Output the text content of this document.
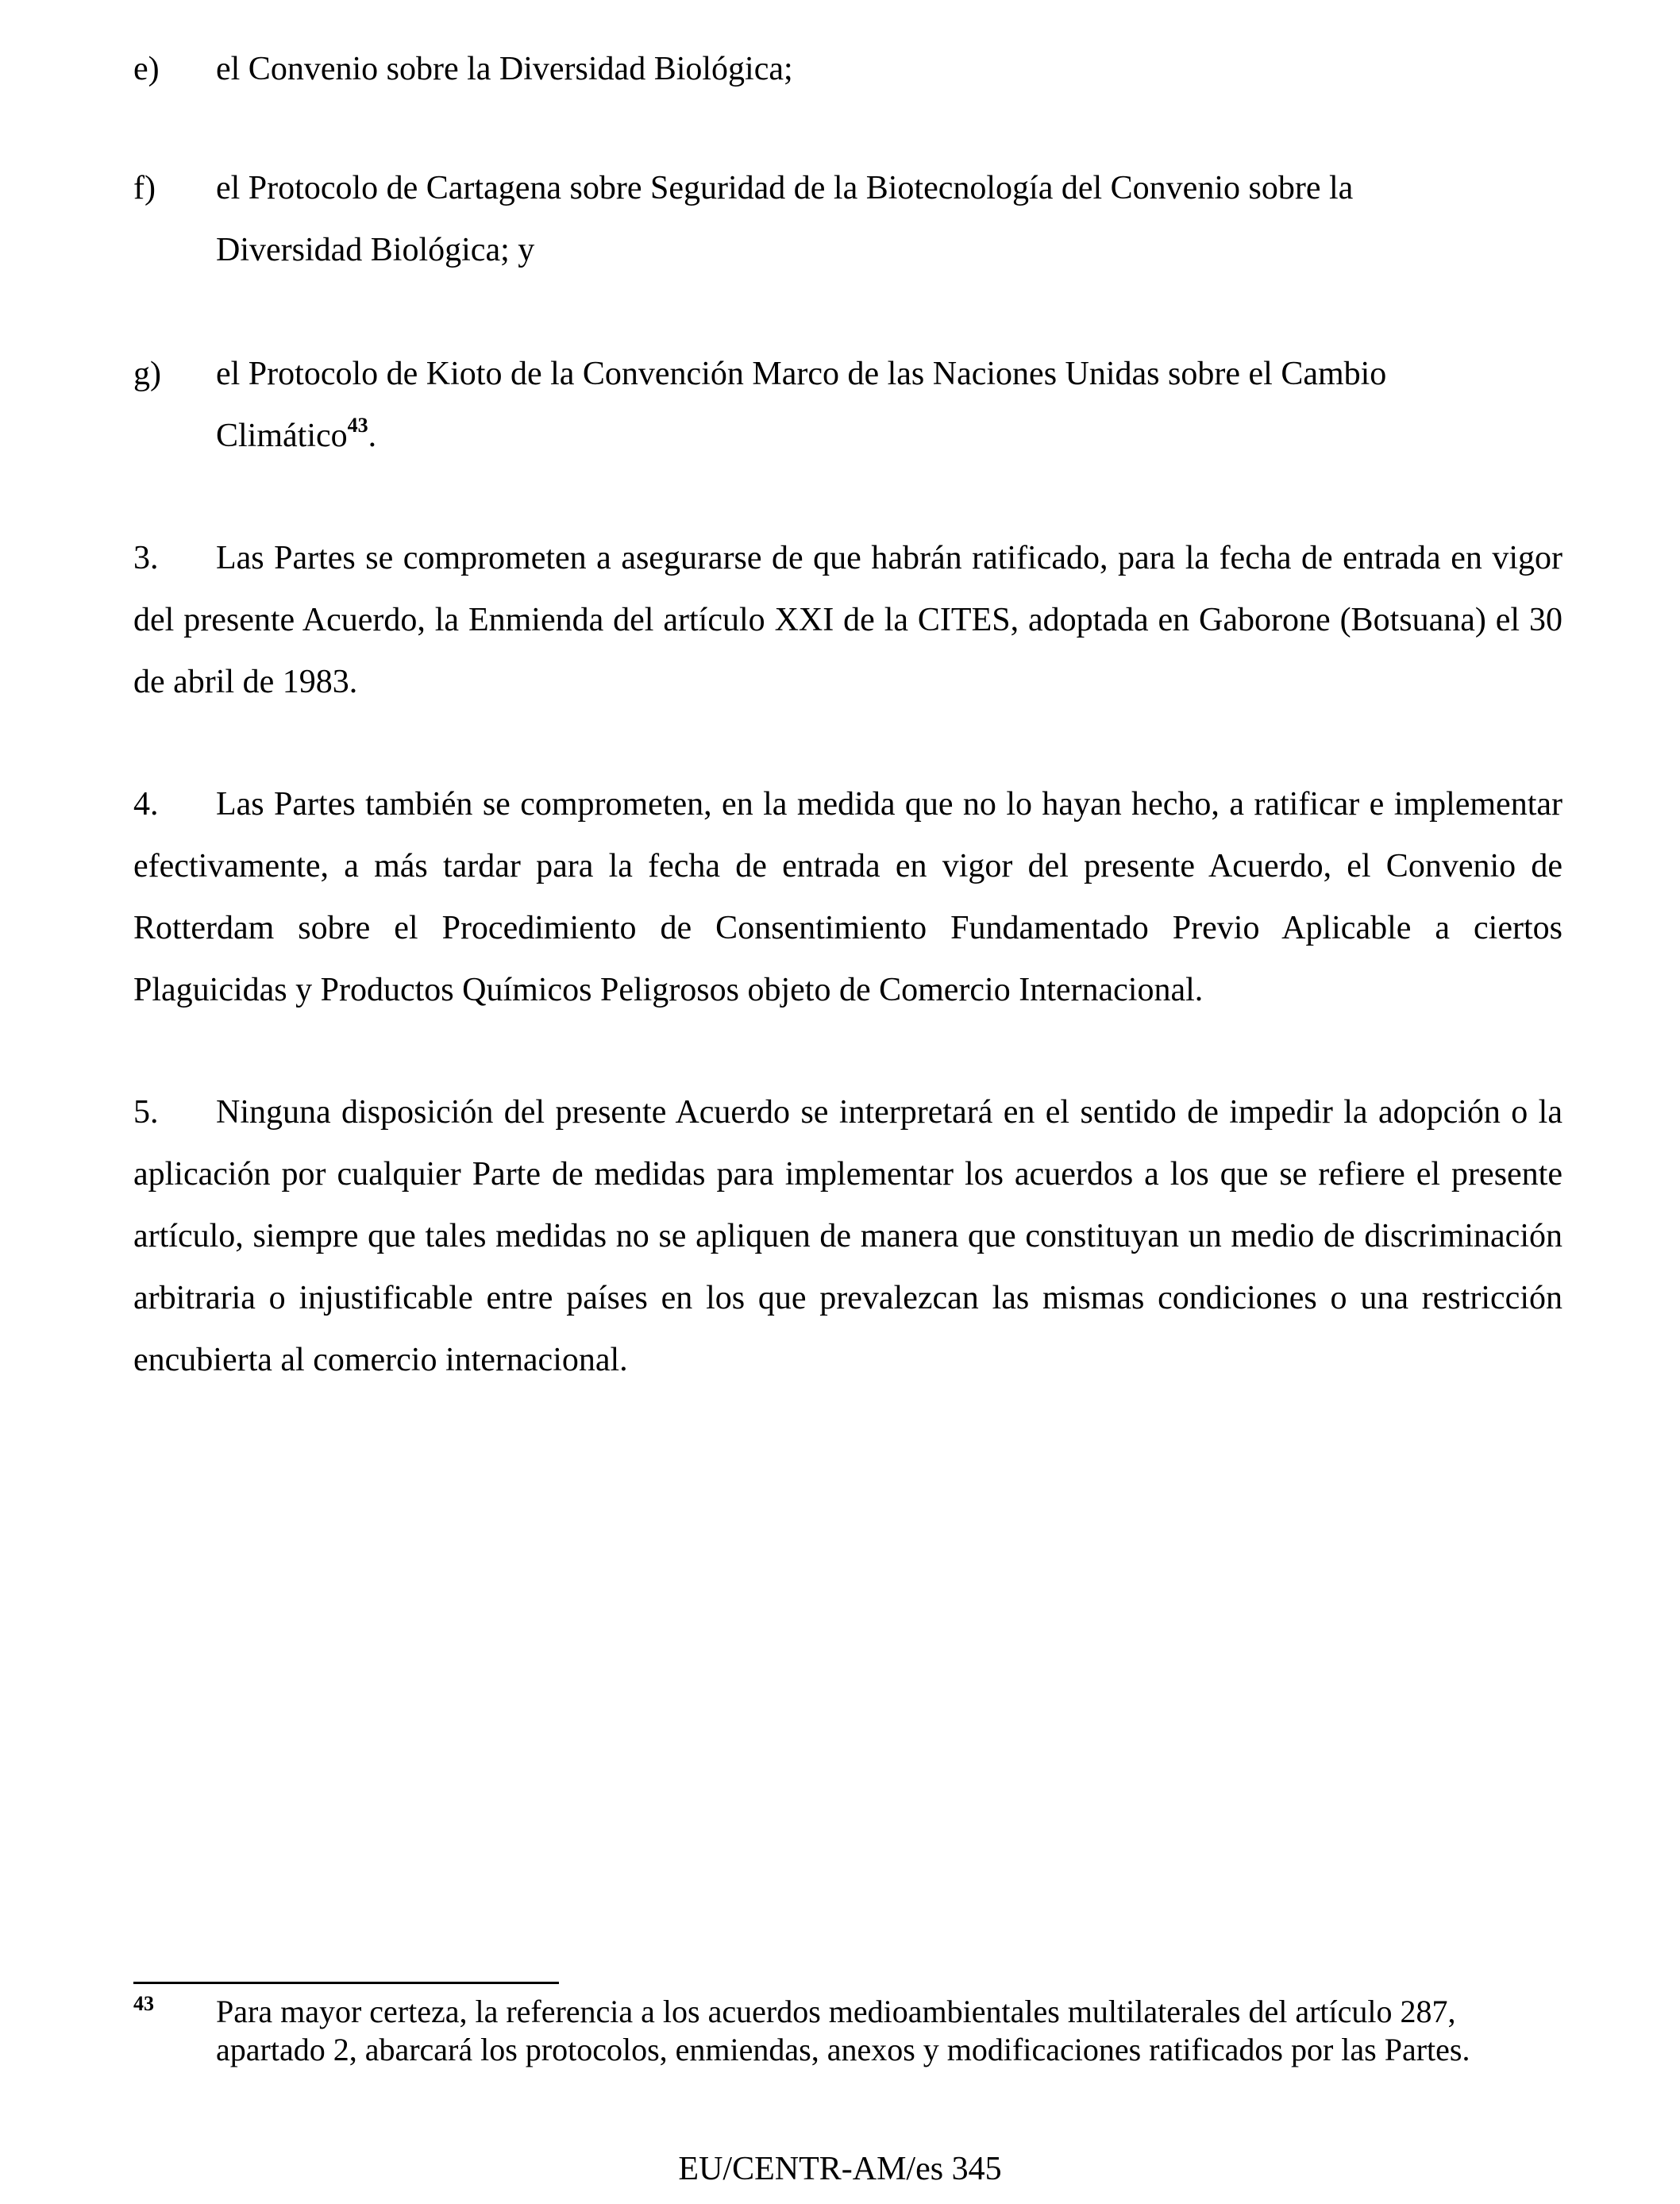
e) el Convenio sobre la Diversidad Biológica;
f) el Protocolo de Cartagena sobre Seguridad de la Biotecnología del Convenio sobre la Diversidad Biológica; y
g) el Protocolo de Kioto de la Convención Marco de las Naciones Unidas sobre el Cambio Climático$^{43}$.
3. Las Partes se comprometen a asegurarse de que habrán ratificado, para la fecha de entrada en vigor del presente Acuerdo, la Enmienda del artículo XXI de la CITES, adoptada en Gaborone (Botsuana) el 30 de abril de 1983.
4. Las Partes también se comprometen, en la medida que no lo hayan hecho, a ratificar e implementar efectivamente, a más tardar para la fecha de entrada en vigor del presente Acuerdo, el Convenio de Rotterdam sobre el Procedimiento de Consentimiento Fundamentado Previo Aplicable a ciertos Plaguicidas y Productos Químicos Peligrosos objeto de Comercio Internacional.
5. Ninguna disposición del presente Acuerdo se interpretará en el sentido de impedir la adopción o la aplicación por cualquier Parte de medidas para implementar los acuerdos a los que se refiere el presente artículo, siempre que tales medidas no se apliquen de manera que constituyan un medio de discriminación arbitraria o injustificable entre países en los que prevalezcan las mismas condiciones o una restricción encubierta al comercio internacional.
43 Para mayor certeza, la referencia a los acuerdos medioambientales multilaterales del artículo 287, apartado 2, abarcará los protocolos, enmiendas, anexos y modificaciones ratificados por las Partes.
EU/CENTR-AM/es 345
